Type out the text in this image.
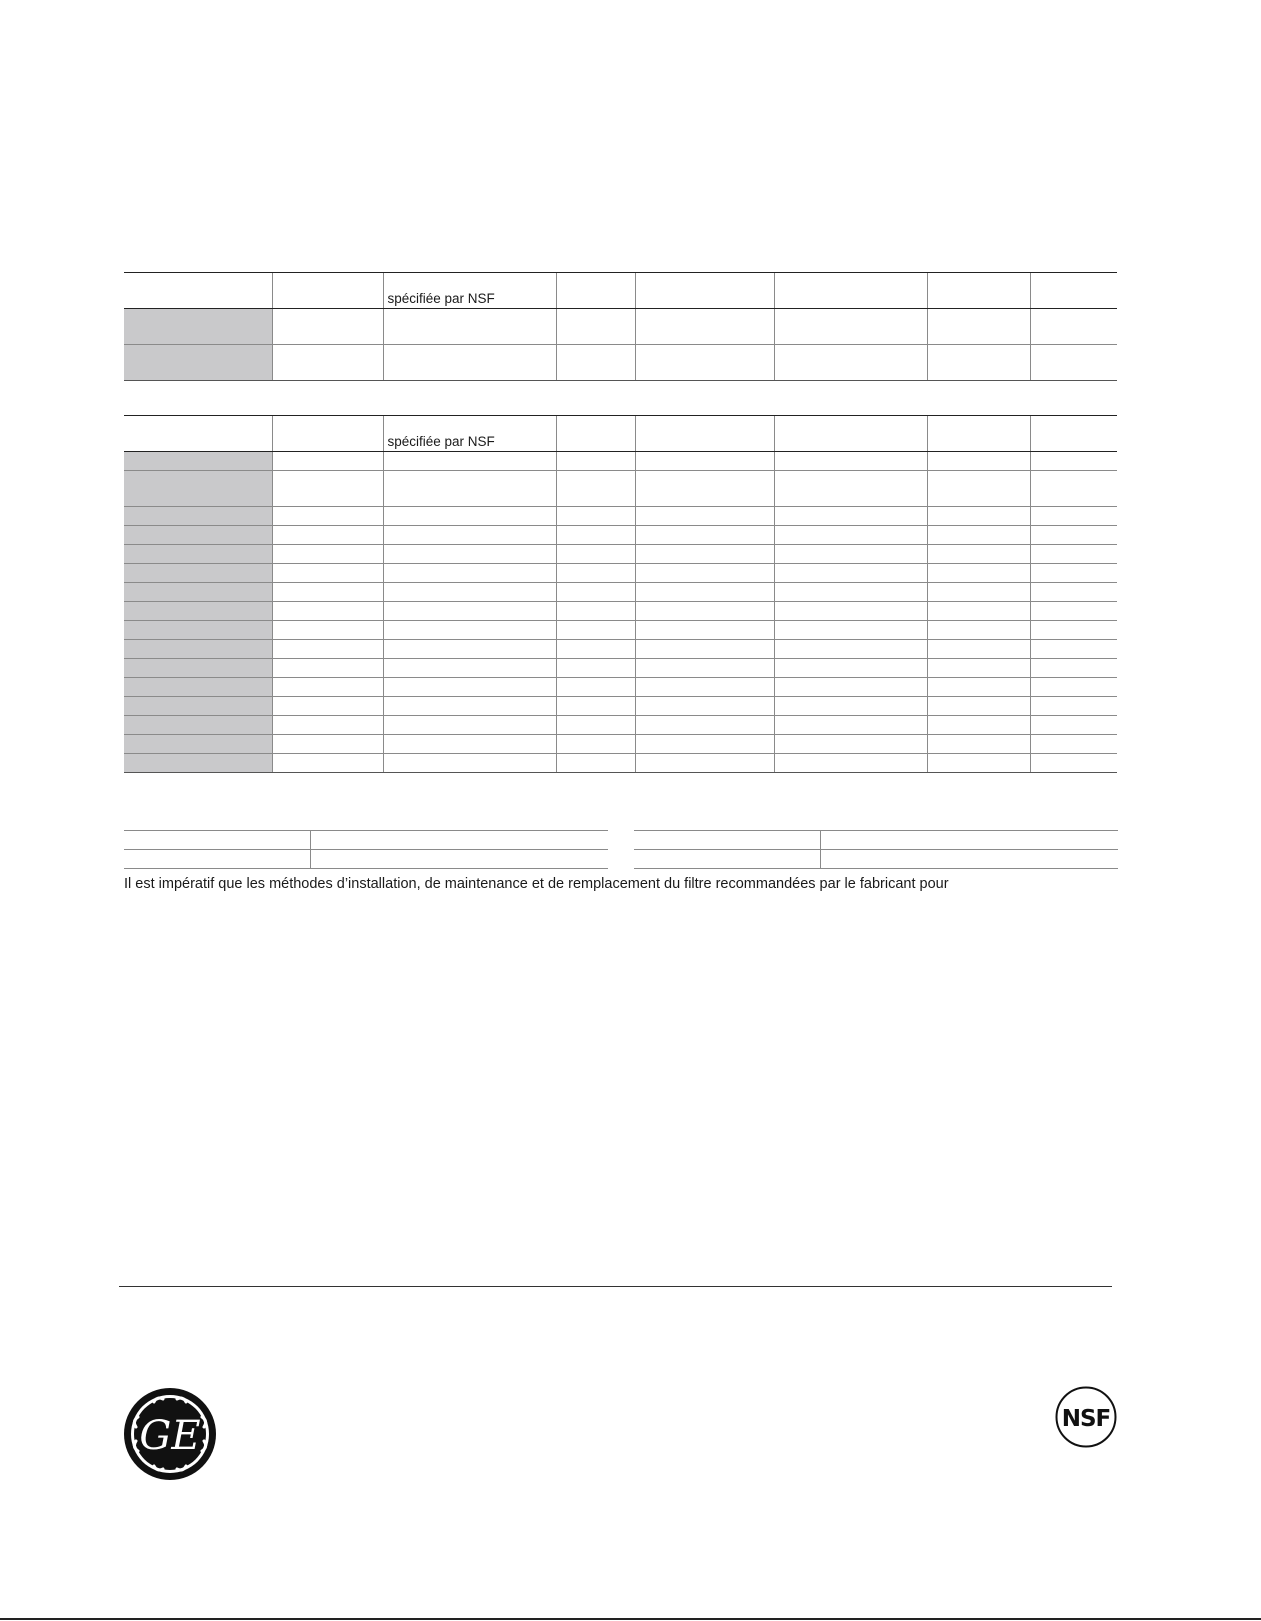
		spécifiée par NSF					

		spécifiée par NSF					

Il est impératif que les méthodes d’installation, de maintenance et de remplacement du filtre recommandées par le fabricant pour
GE	NSF
